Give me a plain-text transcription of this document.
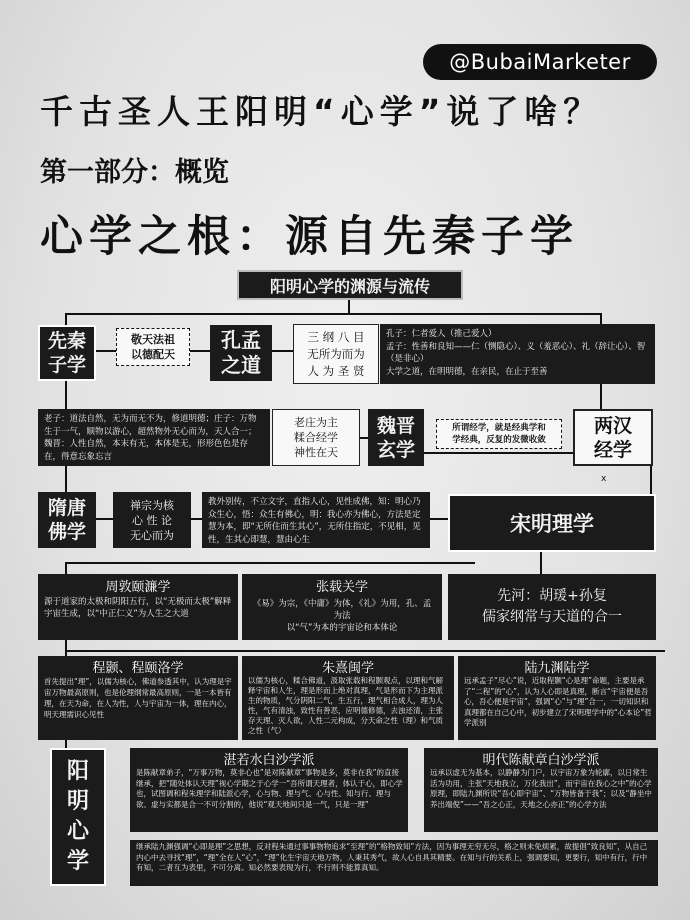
@BubaiMarketer
千古圣人王阳明“心学”说了啥？
第一部分：概览
心学之根：源自先秦子学
阳明心学的渊源与流传
先秦
子学
敬天法祖
以德配天
孔孟
之道
三 纲 八 目
无所为而为
人 为 圣 贤
孔子：仁者爱人（推己爱人）
孟子：性善和良知——仁（恻隐心）、义（羞恶心）、礼（辞让心）、智（是非心）
大学之道，在明明德，在亲民，在止于至善
老子：道法自然，无为而无不为，修道明德；庄子：万物生于一气，顺物以游心，超然物外无心而为，天人合一；魏晋：人性自然，本末有无，本体是无，形形色色是存在，得意忘象忘言
老庄为主
糅合经学
神性在天
魏晋
玄学
所谓经学，就是经典学和
学经典，反复的发微收敛
两汉
经学
x
隋唐
佛学
禅宗为核
心 性 论
无心而为
教外别传，不立文字，直指人心，见性成佛，知：明心乃众生心，悟：众生有佛心，明：我心亦为佛心，方法是定慧为本，即“无所住而生其心”，无所住指定，不见相，见性，生其心即慧，慧由心生
宋明理学
周敦颐濂学
源于道家的太极和阴阳五行，以“无极而太极”解释宇宙生成，以“中正仁义”为人生之大道
张载关学
《易》为宗，《中庸》为体，《礼》为用，孔、孟为法
以“气”为本的宇宙论和本体论
先河：胡瑗+孙复
儒家纲常与天道的合一
程颢、程颐洛学
首先提出“理”，以儒为核心，佛道参透其中，认为理是宇宙万物最高原则，也是伦理纲常最高原则，一是一本皆有理，在天为命，在人为性，人与宇宙为一体，理在内心，明天理需识心见性
朱熹闽学
以儒为核心，糅合佛道，汲取张载和程颢观点，以理和气解释宇宙和人生，理是形而上绝对真理，气是形而下为主理派生的物质，气分阴阳二气，生五行，理气相合成人，理为人性，气有清浊，致性有善恶，应明德修德，去浊还清，主张存天理、灭人欲，人性二元构成，分天命之性（理）和气质之性（气）
陆九渊陆学
远承孟子“尽心”说，近取程颢“心是理”命题，主要是承了“二程”的“心”，认为人心即是真理，断言“宇宙便是吾心，吾心便是宇宙”，强调“心”与“理”合一，一切知识和真理都在自己心中，初步建立了宋明理学中的“心本论”哲学派别
阳
明
心
学
湛若水白沙学派
是陈献章弟子，“万事万物，莫非心也”是对陈献章“事物是多，莫非在我”的直接继承，把“随处体认天理”视心学期之于心学一“吾所谓天理者，体认于心，即心学也，试图调和程朱理学和陆派心学，心与物、理与气、心与性、知与行、理与欲、虚与实都是合一不可分割的，他说“观天地间只是一气，只是一理”
明代陈献章白沙学派
远承以虚无为基本，以静静为门户，以宇宙万象为轮廓，以日常生活为功用，主张“天地我立，万化我出”，而宇宙在我心之中”的心学原理，即陆九渊所说“吾心即宇宙”、“万物皆备于我”；以及“静坐中养出端倪”——“吾之心正，天地之心亦正”的心学方法
继承陆九渊强调“心即是理”之思想，反对程朱通过事事物物追求“至理”的“格物致知”方法，因为事理无穷无尽，格之则未免烦累，故提倡“致良知”，从自己内心中去寻找“理”，“理”全在人“心”，“理”化生宇宙天地万物，人秉其秀气，故人心自具其精要。在知与行的关系上，强调要知，更要行，知中有行，行中有知，二者互为表里，不可分离。知必然要表现为行，不行则不能算真知。
